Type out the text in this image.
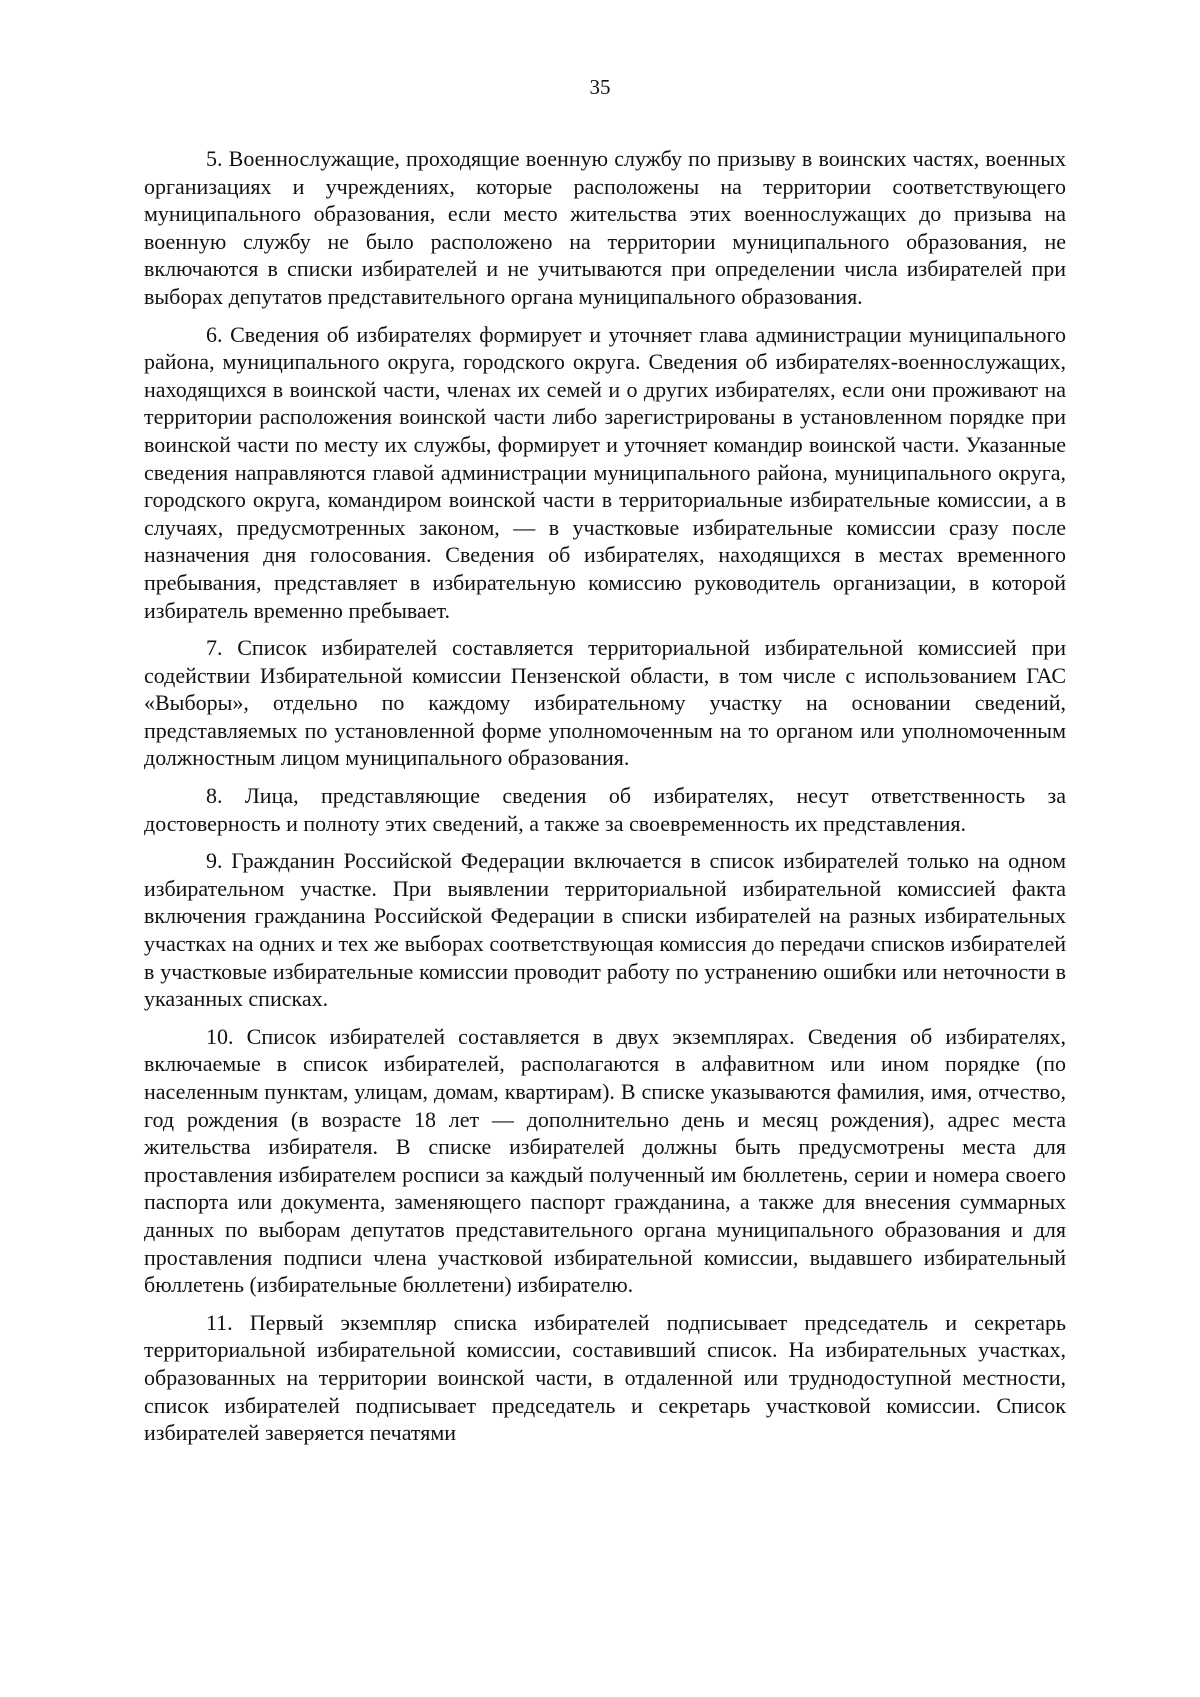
35

5. Военнослужащие, проходящие военную службу по призыву в воинских частях, военных организациях и учреждениях, которые расположены на территории соответствующего муниципального образования, если место жительства этих военнослужащих до призыва на военную службу не было расположено на территории муниципального образования, не включаются в списки избирателей и не учитываются при определении числа избирателей при выборах депутатов представительного органа муниципального образования.

6. Сведения об избирателях формирует и уточняет глава администрации муниципального района, муниципального округа, городского округа. Сведения об избирателях-военнослужащих, находящихся в воинской части, членах их семей и о других избирателях, если они проживают на территории расположения воинской части либо зарегистрированы в установленном порядке при воинской части по месту их службы, формирует и уточняет командир воинской части. Указанные сведения направляются главой администрации муниципального района, муниципального округа, городского округа, командиром воинской части в территориальные избирательные комиссии, а в случаях, предусмотренных законом, — в участковые избирательные комиссии сразу после назначения дня голосования. Сведения об избирателях, находящихся в местах временного пребывания, представляет в избирательную комиссию руководитель организации, в которой избиратель временно пребывает.

7. Список избирателей составляется территориальной избирательной комиссией при содействии Избирательной комиссии Пензенской области, в том числе с использованием ГАС «Выборы», отдельно по каждому избирательному участку на основании сведений, представляемых по установленной форме уполномоченным на то органом или уполномоченным должностным лицом муниципального образования.

8. Лица, представляющие сведения об избирателях, несут ответственность за достоверность и полноту этих сведений, а также за своевременность их представления.

9. Гражданин Российской Федерации включается в список избирателей только на одном избирательном участке. При выявлении территориальной избирательной комиссией факта включения гражданина Российской Федерации в списки избирателей на разных избирательных участках на одних и тех же выборах соответствующая комиссия до передачи списков избирателей в участковые избирательные комиссии проводит работу по устранению ошибки или неточности в указанных списках.

10. Список избирателей составляется в двух экземплярах. Сведения об избирателях, включаемые в список избирателей, располагаются в алфавитном или ином порядке (по населенным пунктам, улицам, домам, квартирам). В списке указываются фамилия, имя, отчество, год рождения (в возрасте 18 лет — дополнительно день и месяц рождения), адрес места жительства избирателя. В списке избирателей должны быть предусмотрены места для проставления избирателем росписи за каждый полученный им бюллетень, серии и номера своего паспорта или документа, заменяющего паспорт гражданина, а также для внесения суммарных данных по выборам депутатов представительного органа муниципального образования и для проставления подписи члена участковой избирательной комиссии, выдавшего избирательный бюллетень (избирательные бюллетени) избирателю.

11. Первый экземпляр списка избирателей подписывает председатель и секретарь территориальной избирательной комиссии, составивший список. На избирательных участках, образованных на территории воинской части, в отдаленной или труднодоступной местности, список избирателей подписывает председатель и секретарь участковой комиссии. Список избирателей заверяется печатями
